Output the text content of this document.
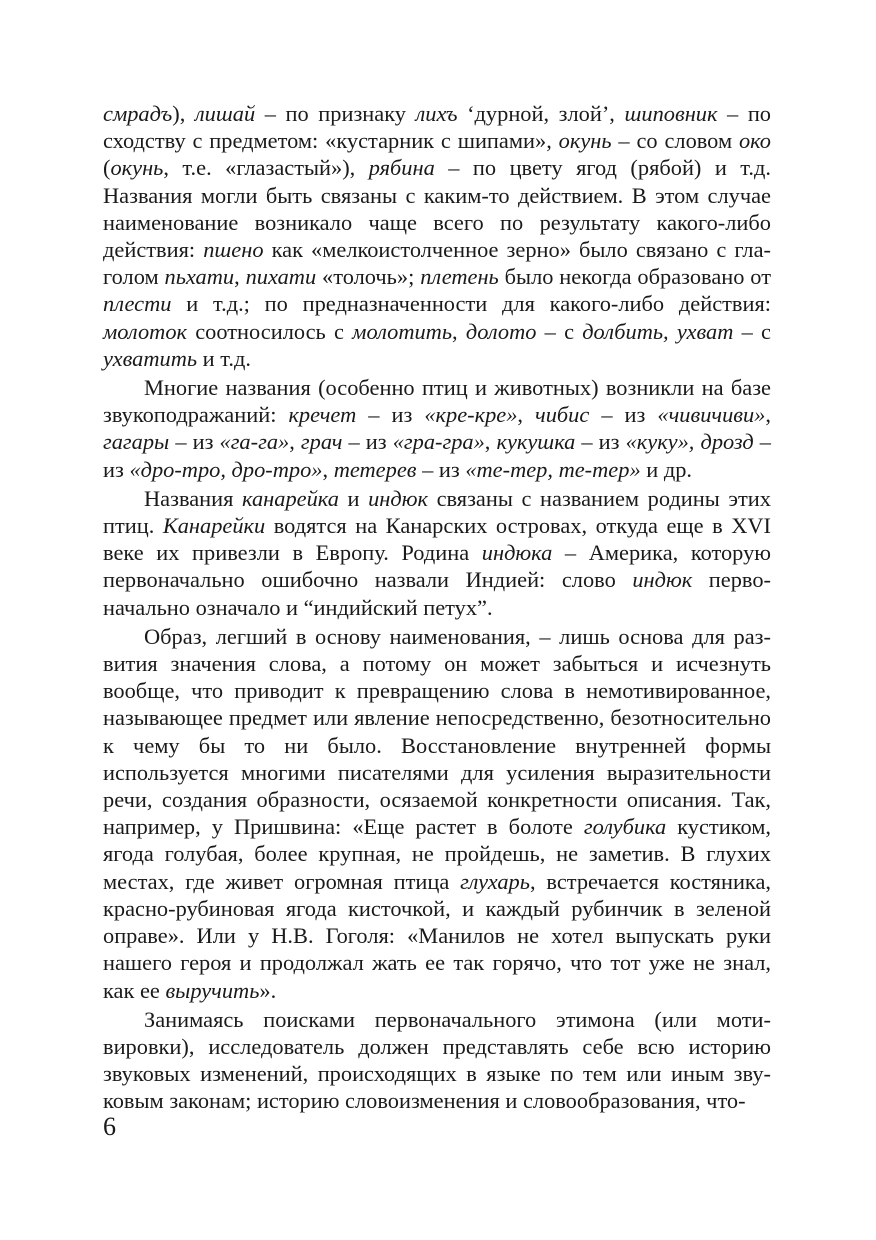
смрадъ), лишай – по признаку лихъ ‘дурной, злой’, шиповник – по сходству с предметом: «кустарник с шипами», окунь – со словом око (окунь, т.е. «глазастый»), рябина – по цвету ягод (рябой) и т.д. Названия могли быть связаны с каким-то действием. В этом случае наименование возникало чаще всего по результату какого-либо действия: пшено как «мелкоистолченное зерно» было связано с глаголом пьхати, пихати «толочь»; плетень было некогда образовано от плести и т.д.; по предназначенности для какого-либо действия: молоток соотносилось с молотить, долото – с долбить, ухват – с ухватить и т.д.

Многие названия (особенно птиц и животных) возникли на базе звукоподражаний: кречет – из «кре-кре», чибис – из «чивичиви», гагары – из «га-га», грач – из «гра-гра», кукушка – из «куку», дрозд – из «дро-тро, дро-тро», тетерев – из «те-тер, те-тер» и др.

Названия канарейка и индюк связаны с названием родины этих птиц. Канарейки водятся на Канарских островах, откуда еще в XVI веке их привезли в Европу. Родина индюка – Америка, которую первоначально ошибочно назвали Индией: слово индюк первоначально означало и “индийский петух”.

Образ, легший в основу наименования, – лишь основа для развития значения слова, а потому он может забыться и исчезнуть вообще, что приводит к превращению слова в немотивированное, называющее предмет или явление непосредственно, безотносительно к чему бы то ни было. Восстановление внутренней формы используется многими писателями для усиления выразительности речи, создания образности, осязаемой конкретности описания. Так, например, у Пришвина: «Еще растет в болоте голубика кустиком, ягода голубая, более крупная, не пройдешь, не заметив. В глухих местах, где живет огромная птица глухарь, встречается костяника, красно-рубиновая ягода кисточкой, и каждый рубинчик в зеленой оправе». Или у Н.В. Гоголя: «Манилов не хотел выпускать руки нашего героя и продолжал жать ее так горячо, что тот уже не знал, как ее выручить».

Занимаясь поисками первоначального этимона (или мотивировки), исследователь должен представлять себе всю историю звуковых изменений, происходящих в языке по тем или иным звуковым законам; историю словоизменения и словообразования, что-

6
